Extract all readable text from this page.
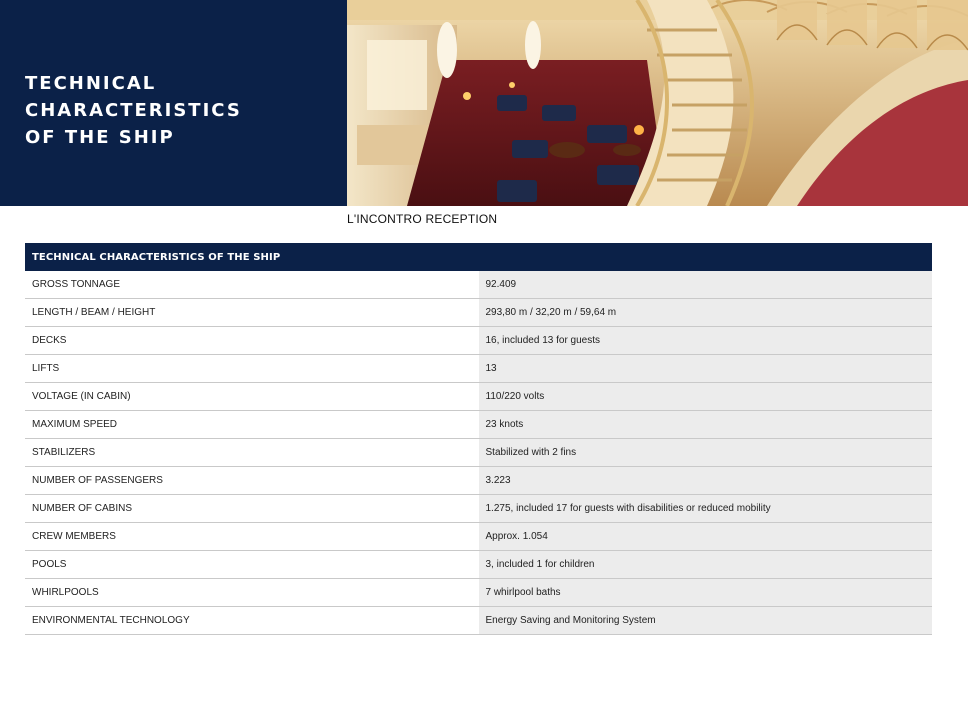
TECHNICAL CHARACTERISTICS
OF THE SHIP
L'INCONTRO RECEPTION
TECHNICAL CHARACTERISTICS OF THE SHIP	
GROSS TONNAGE	92.409
LENGTH / BEAM / HEIGHT	293,80 m / 32,20 m / 59,64 m
DECKS	16, included 13 for guests
LIFTS	13
VOLTAGE (IN CABIN)	110/220 volts
MAXIMUM SPEED	23 knots
STABILIZERS	Stabilized with 2 fins
NUMBER OF PASSENGERS	3.223
NUMBER OF CABINS	1.275, included 17 for guests with disabilities or reduced mobility
CREW MEMBERS	Approx. 1.054
POOLS	3, included 1 for children
WHIRLPOOLS	7 whirlpool baths
ENVIRONMENTAL TECHNOLOGY	Energy Saving and Monitoring System
